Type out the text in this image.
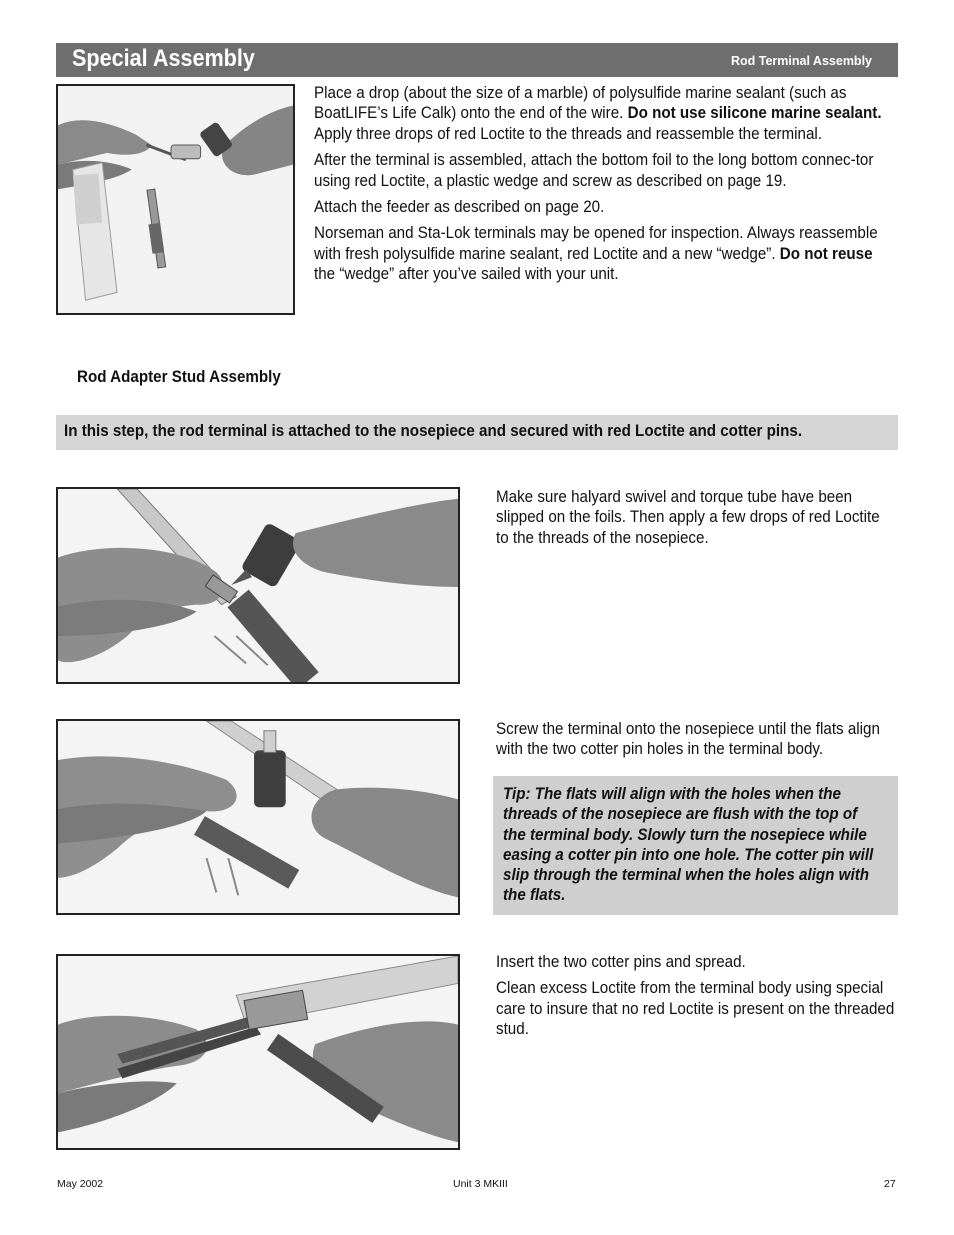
Special Assembly	Rod Terminal Assembly

Place a drop (about the size of a marble) of polysulfide marine sealant (such as BoatLIFE’s Life Calk) onto the end of the wire. Do not use silicone marine sealant. Apply three drops of red Loctite to the threads and reassemble the terminal.

After the terminal is assembled, attach the bottom foil to the long bottom connec-tor using red Loctite, a plastic wedge and screw as described on page 19.

Attach the feeder as described on page 20.

Norseman and Sta-Lok terminals may be opened for inspection. Always reassemble with fresh polysulfide marine sealant, red Loctite and a new “wedge”. Do not reuse the “wedge” after you’ve sailed with your unit.

Rod Adapter Stud Assembly
In this step, the rod terminal is attached to the nosepiece and secured with red Loctite and cotter pins.
Make sure halyard swivel and torque tube have been slipped on the foils. Then apply a few drops of red Loctite to the threads of the nosepiece.
Screw the terminal onto the nosepiece until the flats align with the two cotter pin holes in the terminal body.
Tip: The flats will align with the holes when the threads of the nosepiece are flush with the top of the terminal body. Slowly turn the nosepiece while easing a cotter pin into one hole. The cotter pin will slip through the terminal when the holes align with the flats.

Insert the two cotter pins and spread.

Clean excess Loctite from the terminal body using special care to insure that no red Loctite is present on the threaded stud.

May 2002	Unit 3 MKIII	27
